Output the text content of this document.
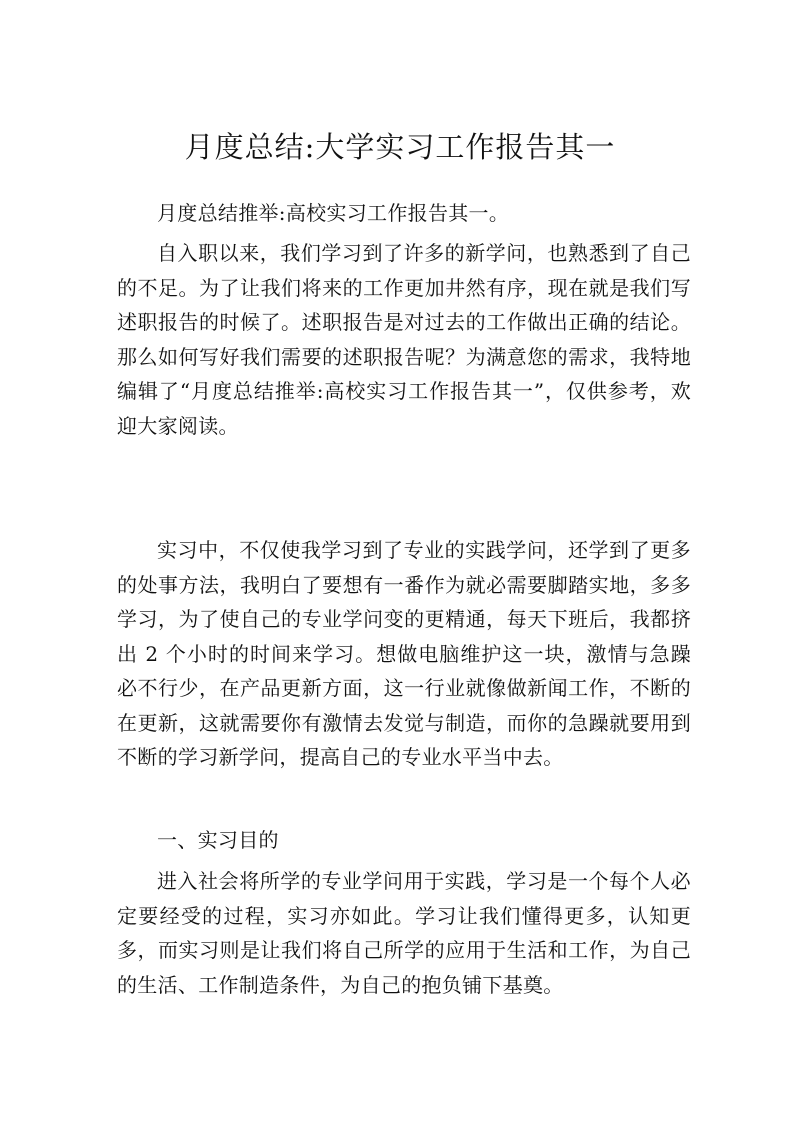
月度总结:大学实习工作报告其一

月度总结推举:高校实习工作报告其一。

自入职以来，我们学习到了许多的新学问，也熟悉到了自己的不足。为了让我们将来的工作更加井然有序，现在就是我们写述职报告的时候了。述职报告是对过去的工作做出正确的结论。那么如何写好我们需要的述职报告呢？为满意您的需求，我特地编辑了“月度总结推举:高校实习工作报告其一”，仅供参考，欢迎大家阅读。

实习中，不仅使我学习到了专业的实践学问，还学到了更多的处事方法，我明白了要想有一番作为就必需要脚踏实地，多多学习，为了使自己的专业学问变的更精通，每天下班后，我都挤出 2 个小时的时间来学习。想做电脑维护这一块，激情与急躁必不行少，在产品更新方面，这一行业就像做新闻工作，不断的在更新，这就需要你有激情去发觉与制造，而你的急躁就要用到不断的学习新学问，提高自己的专业水平当中去。

一、实习目的

进入社会将所学的专业学问用于实践，学习是一个每个人必定要经受的过程，实习亦如此。学习让我们懂得更多，认知更多，而实习则是让我们将自己所学的应用于生活和工作，为自己的生活、工作制造条件，为自己的抱负铺下基奠。
